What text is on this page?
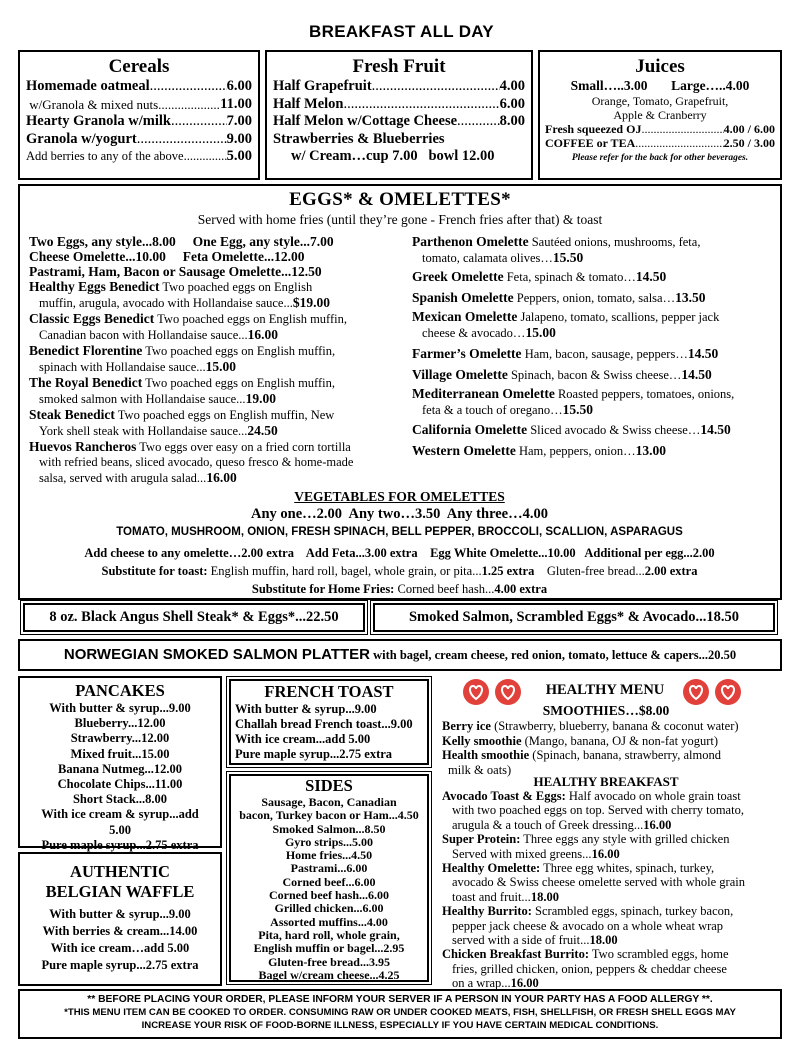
BREAKFAST ALL DAY
Cereals
Homemade oatmeal .....	6.00

w/Granola & mixed nuts .....	11.00
Hearty Granola w/milk .....	7.00
Granola w/yogurt .....	9.00
Add berries to any of the above .....	5.00
Fresh Fruit
Half Grapefruit .....	4.00
Half Melon .....	6.00
Half Melon w/Cottage Cheese .....	8.00
Strawberries & Blueberries
w/ Cream…cup 7.00   bowl 12.00
Juices
Small…..3.00       Large…..4.00
Orange, Tomato, Grapefruit,
Apple & Cranberry
Fresh squeezed OJ .....	4.00 / 6.00
COFFEE or TEA .....	2.50 / 3.00
Please refer for the back for other beverages.
EGGS* & OMELETTES*
Served with home fries (until they’re gone - French fries after that) & toast
Two Eggs, any style...8.00 One Egg, any style...7.00
Cheese Omelette...10.00 Feta Omelette...12.00
Pastrami, Ham, Bacon or Sausage Omelette...12.50
Healthy Eggs Benedict Two poached eggs on English
muffin, arugula, avocado with Hollandaise sauce...$19.00
Classic Eggs Benedict Two poached eggs on English muffin,
Canadian bacon with Hollandaise sauce...16.00
Benedict Florentine Two poached eggs on English muffin,
spinach with Hollandaise sauce...15.00
The Royal Benedict Two poached eggs on English muffin,
smoked salmon with Hollandaise sauce...19.00
Steak Benedict Two poached eggs on English muffin, New
York shell steak with Hollandaise sauce...24.50
Huevos Rancheros Two eggs over easy on a fried corn tortilla
with refried beans, sliced avocado, queso fresco & home-made
salsa, served with arugula salad...16.00
Parthenon Omelette Sautéed onions, mushrooms, feta,
tomato, calamata olives…15.50
Greek Omelette Feta, spinach & tomato…14.50
Spanish Omelette Peppers, onion, tomato, salsa…13.50
Mexican Omelette Jalapeno, tomato, scallions, pepper jack
cheese & avocado…15.00
Farmer’s Omelette Ham, bacon, sausage, peppers…14.50
Village Omelette Spinach, bacon & Swiss cheese…14.50
Mediterranean Omelette Roasted peppers, tomatoes, onions,
feta & a touch of oregano…15.50
California Omelette Sliced avocado & Swiss cheese…14.50
Western Omelette Ham, peppers, onion…13.00
VEGETABLES FOR OMELETTES
Any one…2.00  Any two…3.50  Any three…4.00
TOMATO, MUSHROOM, ONION, FRESH SPINACH, BELL PEPPER, BROCCOLI, SCALLION, ASPARAGUS
Add cheese to any omelette…2.00 extra    Add Feta...3.00 extra    Egg White Omelette...10.00   Additional per egg...2.00
Substitute for toast: English muffin, hard roll, bagel, whole grain, or pita...1.25 extra    Gluten-free bread...2.00 extra
Substitute for Home Fries: Corned beef hash...4.00 extra
8 oz. Black Angus Shell Steak* & Eggs*...22.50	Smoked Salmon, Scrambled Eggs* & Avocado...18.50
NORWEGIAN SMOKED SALMON PLATTER with bagel, cream cheese, red onion, tomato, lettuce & capers...20.50
PANCAKES
With butter & syrup...9.00
Blueberry...12.00
Strawberry...12.00
Mixed fruit...15.00
Banana Nutmeg...12.00
Chocolate Chips...11.00
Short Stack...8.00
With ice cream & syrup...add
5.00
Pure maple syrup...2.75 extra
AUTHENTIC
BELGIAN WAFFLE
With butter & syrup...9.00
With berries & cream...14.00
With ice cream…add 5.00
Pure maple syrup...2.75 extra
FRENCH TOAST
With butter & syrup...9.00
Challah bread French toast...9.00
With ice cream...add 5.00
Pure maple syrup...2.75 extra
SIDES
Sausage, Bacon, Canadian
bacon, Turkey bacon or Ham...4.50
Smoked Salmon...8.50
Gyro strips...5.00
Home fries...4.50
Pastrami...6.00
Corned beef...6.00
Corned beef hash...6.00
Grilled chicken...6.00
Assorted muffins...4.00
Pita, hard roll, whole grain,
English muffin or bagel...2.95
Gluten-free bread...3.95
Bagel w/cream cheese...4.25
HEALTHY MENU
SMOOTHIES…$8.00
Berry ice (Strawberry, blueberry, banana & coconut water)
Kelly smoothie (Mango, banana, OJ & non-fat yogurt)
Health smoothie (Spinach, banana, strawberry, almond
milk & oats)
HEALTHY BREAKFAST
Avocado Toast & Eggs: Half avocado on whole grain toast
with two poached eggs on top. Served with cherry tomato,
arugula & a touch of Greek dressing...16.00
Super Protein: Three eggs any style with grilled chicken
Served with mixed greens...16.00
Healthy Omelette: Three egg whites, spinach, turkey,
avocado & Swiss cheese omelette served with whole grain
toast and fruit...18.00
Healthy Burrito: Scrambled eggs, spinach, turkey bacon,
pepper jack cheese & avocado on a whole wheat wrap
served with a side of fruit...18.00
Chicken Breakfast Burrito: Two scrambled eggs, home
fries, grilled chicken, onion, peppers & cheddar cheese
on a wrap...16.00
** BEFORE PLACING YOUR ORDER, PLEASE INFORM YOUR SERVER IF A PERSON IN YOUR PARTY HAS A FOOD ALLERGY **.
*THIS MENU ITEM CAN BE COOKED TO ORDER. CONSUMING RAW OR UNDER COOKED MEATS, FISH, SHELLFISH, OR FRESH SHELL EGGS MAY
INCREASE YOUR RISK OF FOOD-BORNE ILLNESS, ESPECIALLY IF YOU HAVE CERTAIN MEDICAL CONDITIONS.
